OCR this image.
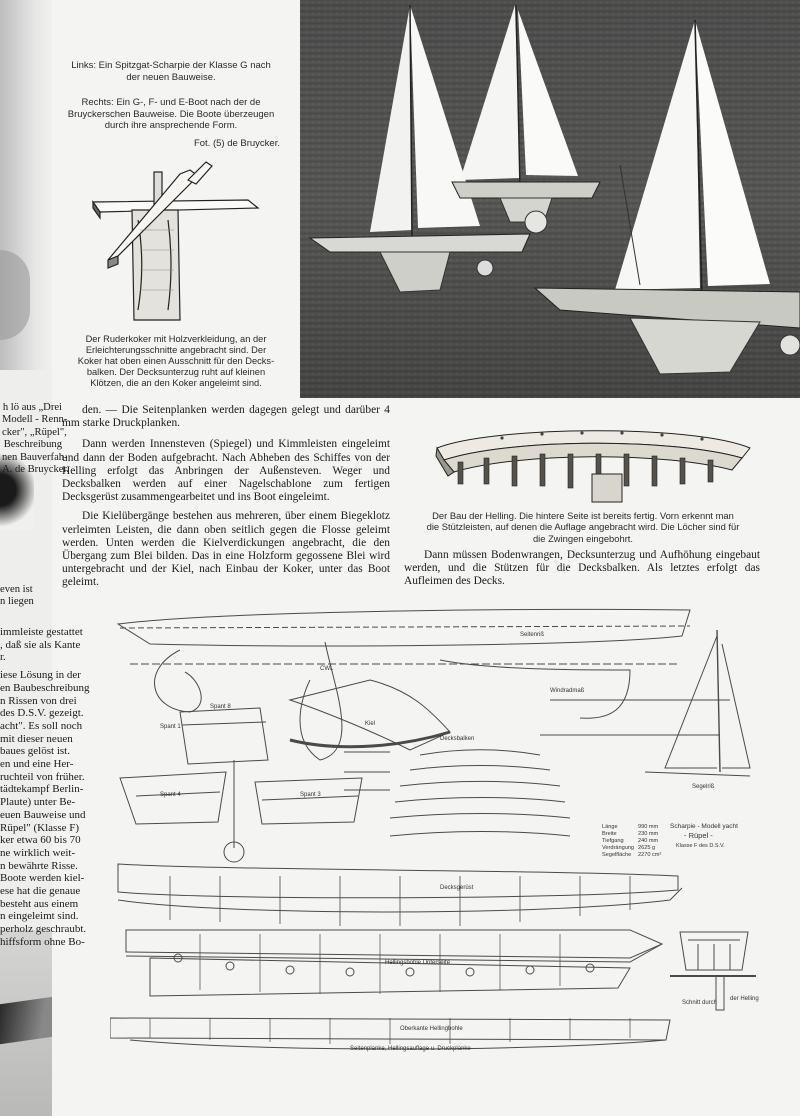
h lö aus „Drei
Modell - Renn-
cker", „Rüpel",
Beschreibung
nen Bauverfah-
A. de Bruycker.
even ist
n liegen
immleiste gestattet
, daß sie als Kante
r.
iese Lösung in der
en Baubeschreibung
n Rissen von drei
des D.S.V. gezeigt.
acht". Es soll noch
mit dieser neuen
baues gelöst ist.
en und eine Her-
ruchteil von früher.
tädtekampf Berlin-
Plaute) unter Be-
euen Bauweise und
Rüpel" (Klasse F)
ker etwa 60 bis 70
ne wirklich weit-
n bewährte Risse.
Boote werden kiel-
ese hat die genaue
besteht aus einem
n eingeleimt sind.
perholz geschraubt.
hiffsform ohne Bo-
Links: Ein Spitzgat-Scharpie der Klasse G nach
der neuen Bauweise.
Rechts: Ein G-, F- und E-Boot nach der de
Bruyckerschen Bauweise. Die Boote überzeugen
durch ihre ansprechende Form.
Fot. (5) de Bruycker.
Der Ruderkoker mit Holzverkleidung, an der
Erleichterungsschnitte angebracht sind. Der
Koker hat oben einen Ausschnitt für den Decks-
balken. Der Decksunterzug ruht auf kleinen
Klötzen, die an den Koker angeleimt sind.

den. — Die Seitenplanken werden dagegen gelegt und darüber 4 mm starke Druckplanken.

Dann werden Innensteven (Spiegel) und Kimmleisten eingeleimt und dann der Boden aufgebracht. Nach Abheben des Schiffes von der Helling erfolgt das Anbringen der Außensteven. Weger und Decksbalken werden auf einer Nagelschablone zum fertigen Decksgerüst zusammengearbeitet und ins Boot eingeleimt.

Die Kielübergänge bestehen aus mehreren, über einem Biegeklotz verleimten Leisten, die dann oben seitlich gegen die Flosse geleimt werden. Unten werden die Kielverdickungen angebracht, die den Übergang zum Blei bilden. Das in eine Holzform gegossene Blei wird untergebracht und der Kiel, nach Einbau der Koker, unter das Boot geleimt.

Der Bau der Helling. Die hintere Seite ist bereits fertig. Vorn erkennt man
die Stützleisten, auf denen die Auflage angebracht wird. Die Löcher sind für
die Zwingen eingebohrt.

Dann müssen Bodenwrangen, Decksunterzug und Aufhöhung eingebaut werden, und die Stützen für die Decksbalken. Als letztes erfolgt das Aufleimen des Decks.

Seitenriß
CWL
Windradmaß
Kiel
Spant 8
Spant 4	Spant 3
Spant 1
Decksbalken
Decksgerüst
Hellingsbohle Unterseite
Schnitt durch
der Helling
Oberkante Hellingbohle
Seitenplanke, Hellingsauflage u. Druckplanke
Segelriß
Scharpie - Modell yacht
- Rüpel -
Klasse F des D.S.V.
Länge	990 mm
Breite	230 mm
Tiefgang	240 mm
Verdrängung 2625 g
Segelfläche 2270 cm²
